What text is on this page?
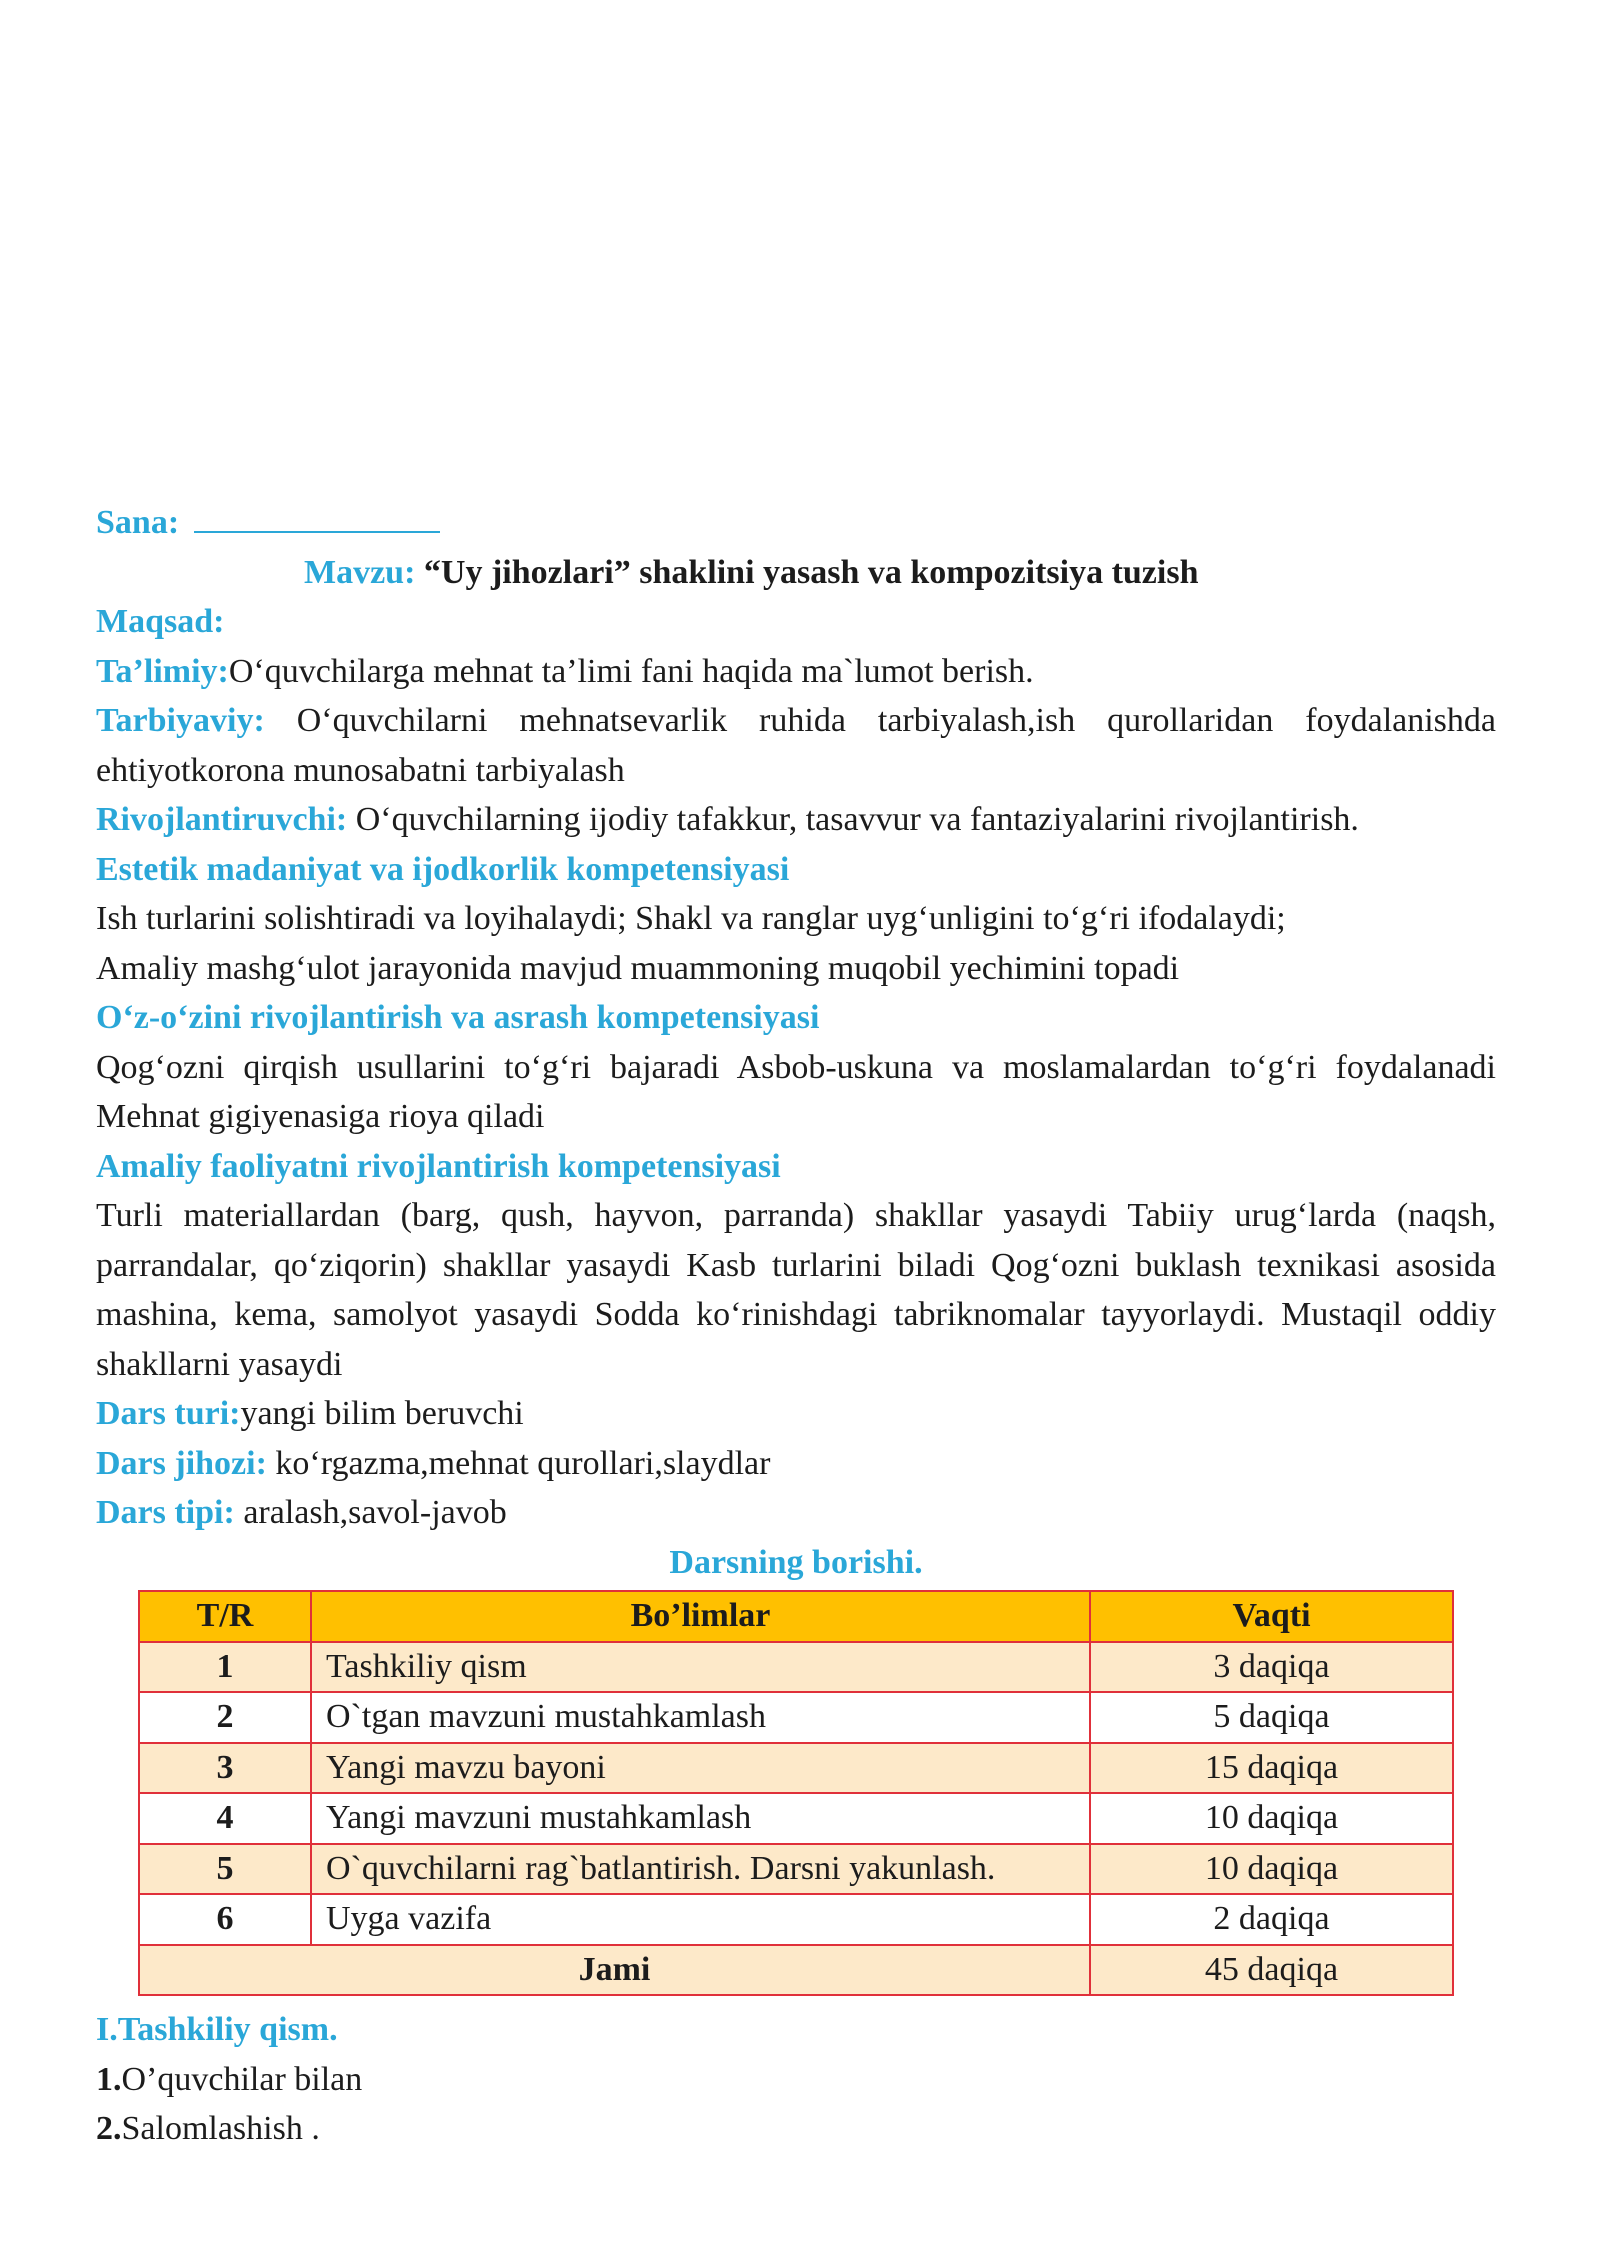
Sana:

Mavzu: “Uy jihozlari” shaklini yasash va kompozitsiya tuzish

Maqsad:

Ta’limiy:O‘quvchilarga mehnat ta’limi fani haqida ma`lumot berish.

Tarbiyaviy: O‘quvchilarni mehnatsevarlik ruhida tarbiyalash,ish qurollaridan foydalanishda ehtiyotkorona munosabatni tarbiyalash

Rivojlantiruvchi: O‘quvchilarning ijodiy tafakkur, tasavvur va fantaziyalarini rivojlantirish.

Estetik madaniyat va ijodkorlik kompetensiyasi

Ish turlarini solishtiradi va loyihalaydi; Shakl va ranglar uyg‘unligini to‘g‘ri ifodalaydi;

Amaliy mashg‘ulot jarayonida mavjud muammoning muqobil yechimini topadi

O‘z-o‘zini rivojlantirish va asrash kompetensiyasi

Qog‘ozni qirqish usullarini to‘g‘ri bajaradi Asbob-uskuna va moslamalardan to‘g‘ri foydalanadi Mehnat gigiyenasiga rioya qiladi

Amaliy faoliyatni rivojlantirish kompetensiyasi

Turli materiallardan (barg, qush, hayvon, parranda) shakllar yasaydi Tabiiy urug‘larda (naqsh, parrandalar, qo‘ziqorin) shakllar yasaydi Kasb turlarini biladi Qog‘ozni buklash texnikasi asosida mashina, kema, samolyot yasaydi Sodda ko‘rinishdagi tabriknomalar tayyorlaydi. Mustaqil oddiy shakllarni yasaydi

Dars turi:yangi bilim beruvchi

Dars jihozi: ko‘rgazma,mehnat qurollari,slaydlar

Dars tipi: aralash,savol-javob

Darsning borishi.

T/R	Bo’limlar	Vaqti
1	Tashkiliy qism	3 daqiqa
2	O`tgan mavzuni mustahkamlash	5 daqiqa
3	Yangi mavzu bayoni	15 daqiqa
4	Yangi mavzuni mustahkamlash	10 daqiqa
5	O`quvchilarni rag`batlantirish. Darsni yakunlash.	10 daqiqa
6	Uyga vazifa	2 daqiqa
Jami		45 daqiqa

I.Tashkiliy qism.

1.O’quvchilar bilan

2.Salomlashish .
